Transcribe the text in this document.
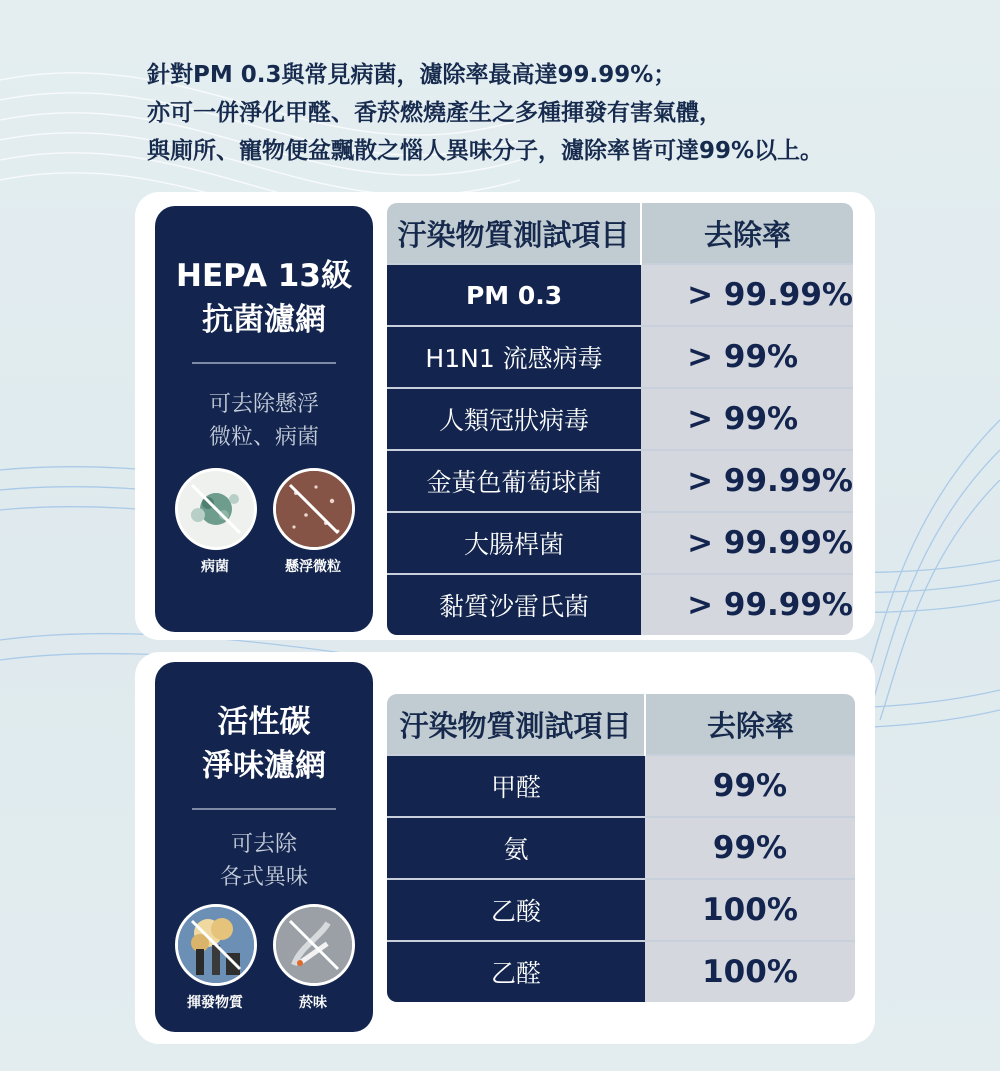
針對PM 0.3與常見病菌，濾除率最高達99.99%；

亦可一併淨化甲醛、香菸燃燒產生之多種揮發有害氣體，

與廁所、寵物便盆飄散之惱人異味分子，濾除率皆可達99%以上。

HEPA 13級
抗菌濾網
可去除懸浮
微粒、病菌
病菌	懸浮微粒
汙染物質測試項目	去除率
PM 0.3	> 99.99%
H1N1 流感病毒	> 99%
人類冠狀病毒	> 99%
金黃色葡萄球菌	> 99.99%
大腸桿菌	> 99.99%
黏質沙雷氏菌	> 99.99%
活性碳
淨味濾網
可去除
各式異味
揮發物質	菸味
汙染物質測試項目	去除率
甲醛	99%
氨	99%
乙酸	100%
乙醛	100%
